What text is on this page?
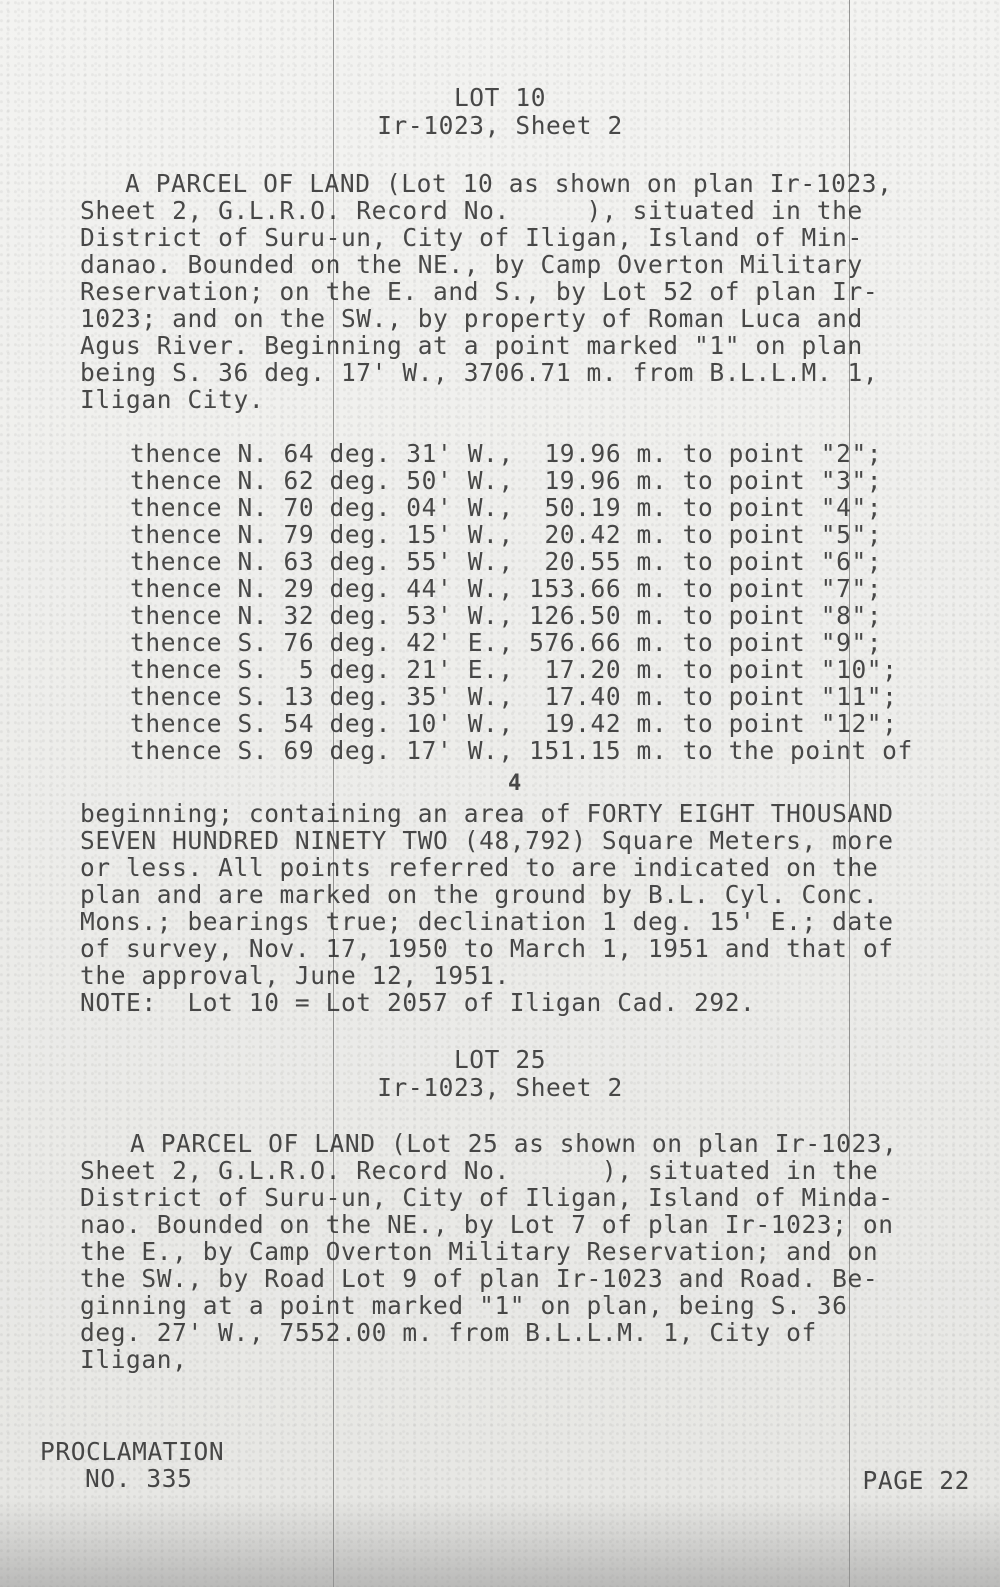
LOT 10
Ir-1023, Sheet 2
A PARCEL OF LAND (Lot 10 as shown on plan Ir-1023,
Sheet 2, G.L.R.O. Record No.     ), situated in the
District of Suru-un, City of Iligan, Island of Min-
danao. Bounded on the NE., by Camp Overton Military
Reservation; on the E. and S., by Lot 52 of plan Ir-
1023; and on the SW., by property of Roman Luca and
Agus River. Beginning at a point marked "1" on plan
being S. 36 deg. 17' W., 3706.71 m. from B.L.L.M. 1,
Iligan City.
thence N. 64 deg. 31' W.,  19.96 m. to point "2";
thence N. 62 deg. 50' W.,  19.96 m. to point "3";
thence N. 70 deg. 04' W.,  50.19 m. to point "4";
thence N. 79 deg. 15' W.,  20.42 m. to point "5";
thence N. 63 deg. 55' W.,  20.55 m. to point "6";
thence N. 29 deg. 44' W., 153.66 m. to point "7";
thence N. 32 deg. 53' W., 126.50 m. to point "8";
thence S. 76 deg. 42' E., 576.66 m. to point "9";
thence S.  5 deg. 21' E.,  17.20 m. to point "10";
thence S. 13 deg. 35' W.,  17.40 m. to point "11";
thence S. 54 deg. 10' W.,  19.42 m. to point "12";
thence S. 69 deg. 17' W., 151.15 m. to the point of
4
beginning; containing an area of FORTY EIGHT THOUSAND
SEVEN HUNDRED NINETY TWO (48,792) Square Meters, more
or less. All points referred to are indicated on the
plan and are marked on the ground by B.L. Cyl. Conc.
Mons.; bearings true; declination 1 deg. 15' E.; date
of survey, Nov. 17, 1950 to March 1, 1951 and that of
the approval, June 12, 1951.
NOTE:  Lot 10 = Lot 2057 of Iligan Cad. 292.
LOT 25
Ir-1023, Sheet 2
A PARCEL OF LAND (Lot 25 as shown on plan Ir-1023,
Sheet 2, G.L.R.O. Record No.      ), situated in the
District of Suru-un, City of Iligan, Island of Minda-
nao. Bounded on the NE., by Lot 7 of plan Ir-1023; on
the E., by Camp Overton Military Reservation; and on
the SW., by Road Lot 9 of plan Ir-1023 and Road. Be-
ginning at a point marked "1" on plan, being S. 36
deg. 27' W., 7552.00 m. from B.L.L.M. 1, City of
Iligan,
PROCLAMATION
NO. 335	PAGE 22
